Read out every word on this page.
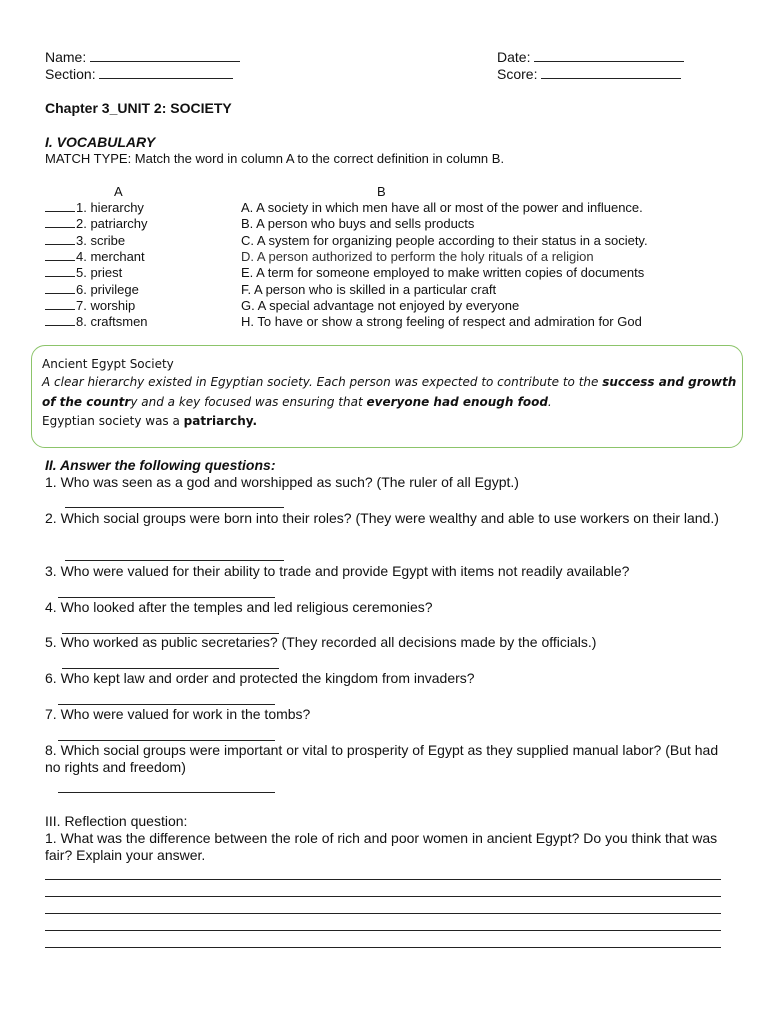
Name:
Section:
Date:
Score:
Chapter 3_UNIT 2: SOCIETY
I. VOCABULARY
MATCH TYPE: Match the word in column A to the correct definition in column B.
A	B
1. hierarchy	A. A society in which men have all or most of the power and influence.
2. patriarchy	B. A person who buys and sells products
3. scribe	C. A system for organizing people according to their status in a society.
4. merchant	D. A person authorized to perform the holy rituals of a religion
5. priest	E. A term for someone employed to make written copies of documents
6. privilege	F. A person who is skilled in a particular craft
7. worship	G. A special advantage not enjoyed by everyone
8. craftsmen	H. To have or show a strong feeling of respect and admiration for God
Ancient Egypt Society
A clear hierarchy existed in Egyptian society. Each person was expected to contribute to the success and growth
of the country and a key focused was ensuring that everyone had enough food.
Egyptian society was a patriarchy.
II. Answer the following questions:
1. Who was seen as a god and worshipped as such? (The ruler of all Egypt.)
2. Which social groups were born into their roles? (They were wealthy and able to use workers on their land.)
3. Who were valued for their ability to trade and provide Egypt with items not readily available?
4. Who looked after the temples and led religious ceremonies?
5. Who worked as public secretaries? (They recorded all decisions made by the officials.)
6. Who kept law and order and protected the kingdom from invaders?
7. Who were valued for work in the tombs?
8. Which social groups were important or vital to prosperity of Egypt as they supplied manual labor? (But had no rights and freedom)
III. Reflection question:
1. What was the difference between the role of rich and poor women in ancient Egypt? Do you think that was fair? Explain your answer.
